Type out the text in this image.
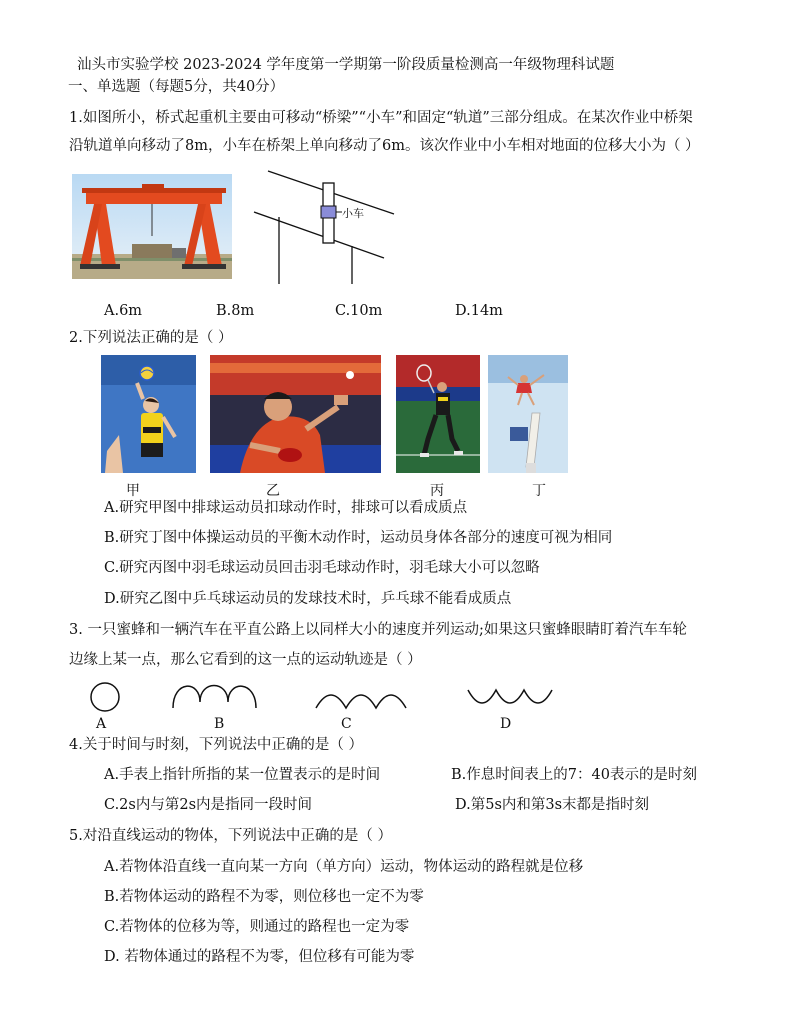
汕头市实验学校 2023-2024 学年度第一学期第一阶段质量检测高一年级物理科试题
一、单选题（每题5分，共40分）
1.如图所小，桥式起重机主要由可移动“桥梁”“小车”和固定“轨道”三部分组成。在某次作业中桥架
沿轨道单向移动了8m，小车在桥架上单向移动了6m。该次作业中小车相对地面的位移大小为（ ）
小车
A.6m	B.8m	C.10m	D.14m
2.下列说法正确的是（ ）
甲	乙	丙	丁
A.研究甲图中排球运动员扣球动作时，排球可以看成质点
B.研究丁图中体操运动员的平衡木动作时，运动员身体各部分的速度可视为相同
C.研究丙图中羽毛球运动员回击羽毛球动作时，羽毛球大小可以忽略
D.研究乙图中乒乓球运动员的发球技术时，乒乓球不能看成质点
3. 一只蜜蜂和一辆汽车在平直公路上以同样大小的速度并列运动;如果这只蜜蜂眼睛盯着汽车车轮
边缘上某一点，那么它看到的这一点的运动轨迹是（ ）
A	B	C	D
4.关于时间与时刻，下列说法中正确的是（ ）
A.手表上指针所指的某一位置表示的是时间	B.作息时间表上的7：40表示的是时刻
C.2s内与第2s内是指同一段时间	D.第5s内和第3s末都是指时刻
5.对沿直线运动的物体，下列说法中正确的是（ ）
A.若物体沿直线一直向某一方向（单方向）运动，物体运动的路程就是位移
B.若物体运动的路程不为零，则位移也一定不为零
C.若物体的位移为等，则通过的路程也一定为零
D. 若物体通过的路程不为零，但位移有可能为零
